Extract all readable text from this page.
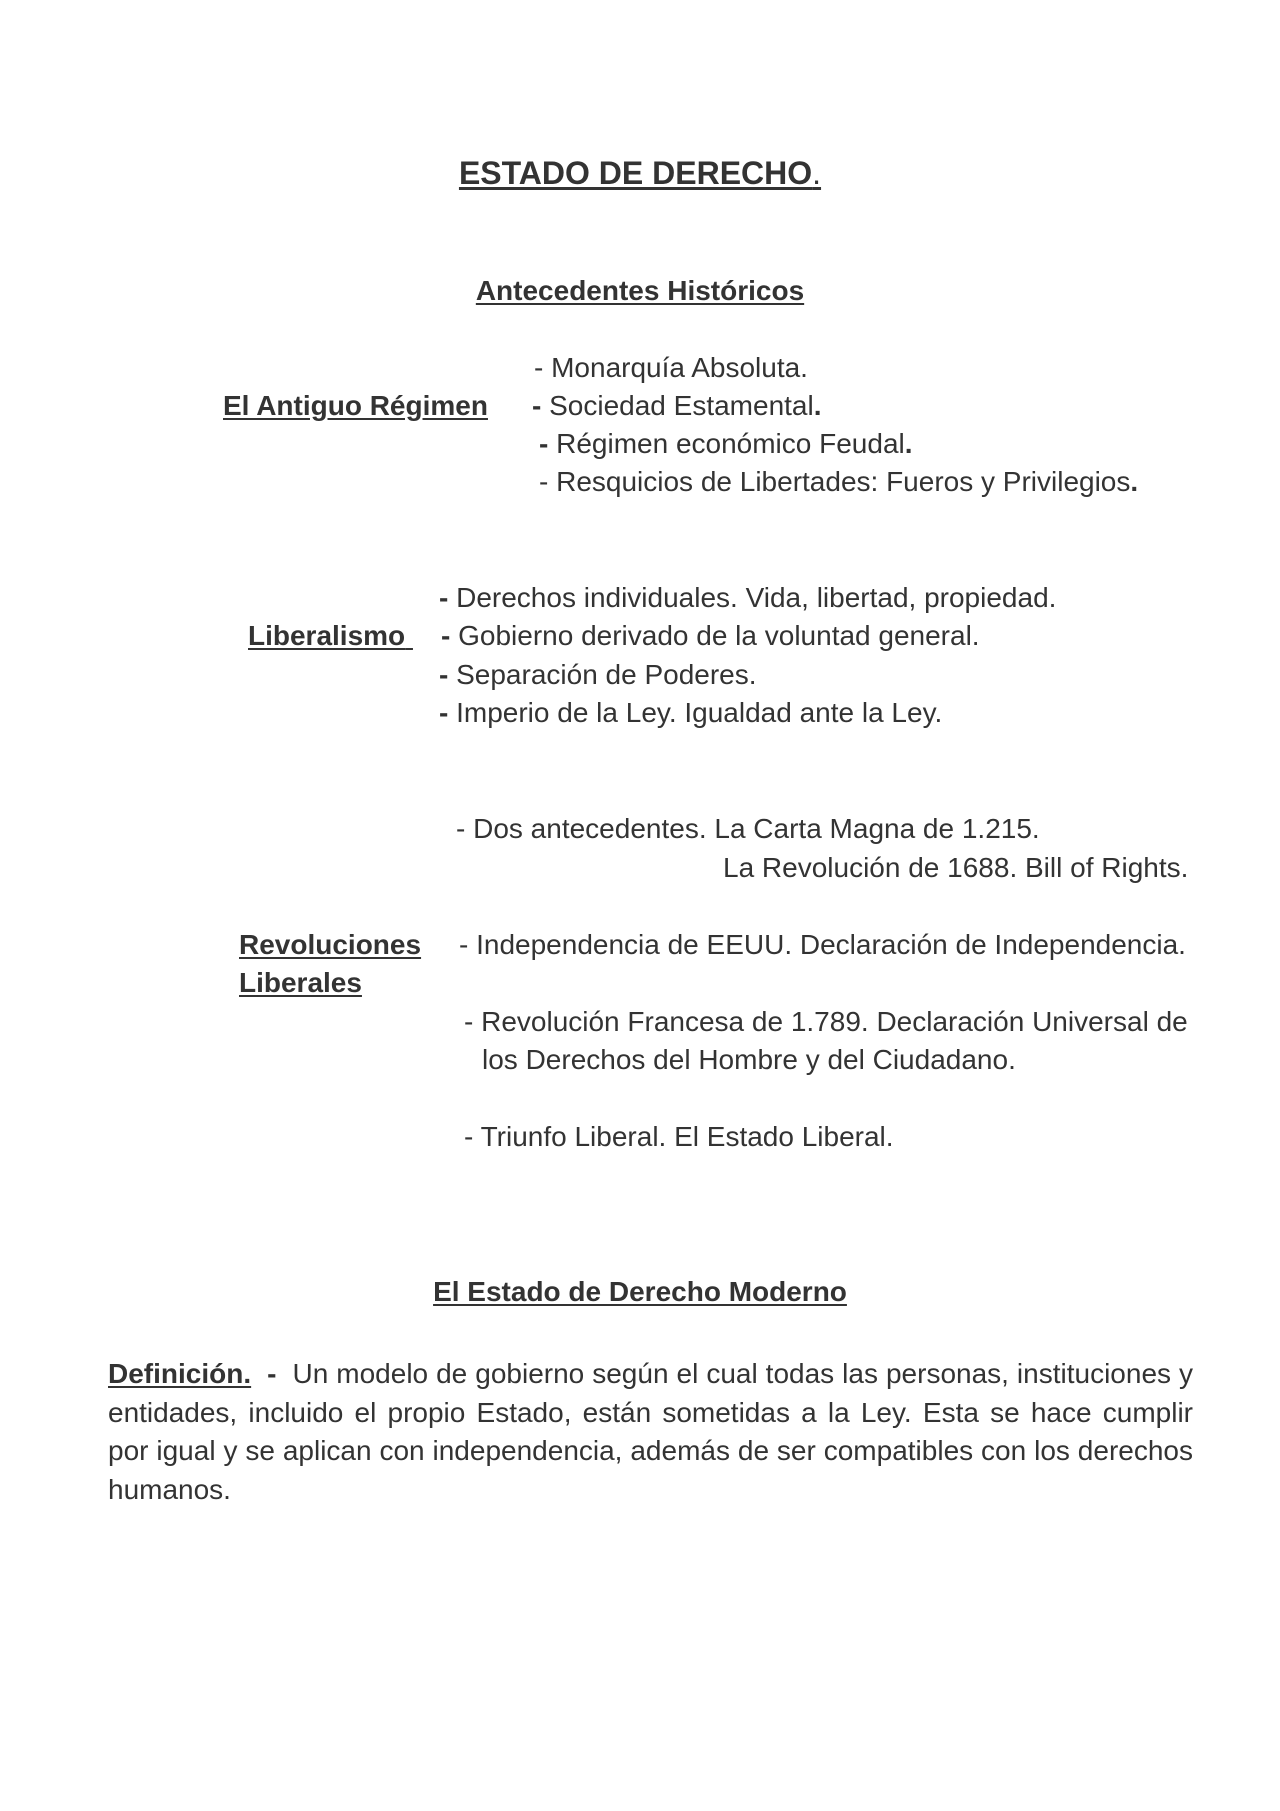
ESTADO DE DERECHO.
Antecedentes Históricos
El Antiguo Régimen
- Monarquía Absoluta.
- Sociedad Estamental.
- Régimen económico Feudal.
- Resquicios de Libertades: Fueros y Privilegios.
Liberalismo
- Derechos individuales. Vida, libertad, propiedad.
- Gobierno derivado de la voluntad general.
- Separación de Poderes.
- Imperio de la Ley. Igualdad ante la Ley.
- Dos antecedentes. La Carta Magna de 1.215.
La Revolución de 1688. Bill of Rights.
Revoluciones
Liberales
- Independencia de EEUU. Declaración de Independencia.
- Revolución Francesa de 1.789. Declaración Universal de
los Derechos del Hombre y del Ciudadano.
- Triunfo Liberal. El Estado Liberal.
El Estado de Derecho Moderno
Definición. - Un modelo de gobierno según el cual todas las personas, instituciones y entidades, incluido el propio Estado, están sometidas a la Ley. Esta se hace cumplir por igual y se aplican con independencia, además de ser compatibles con los derechos humanos.
